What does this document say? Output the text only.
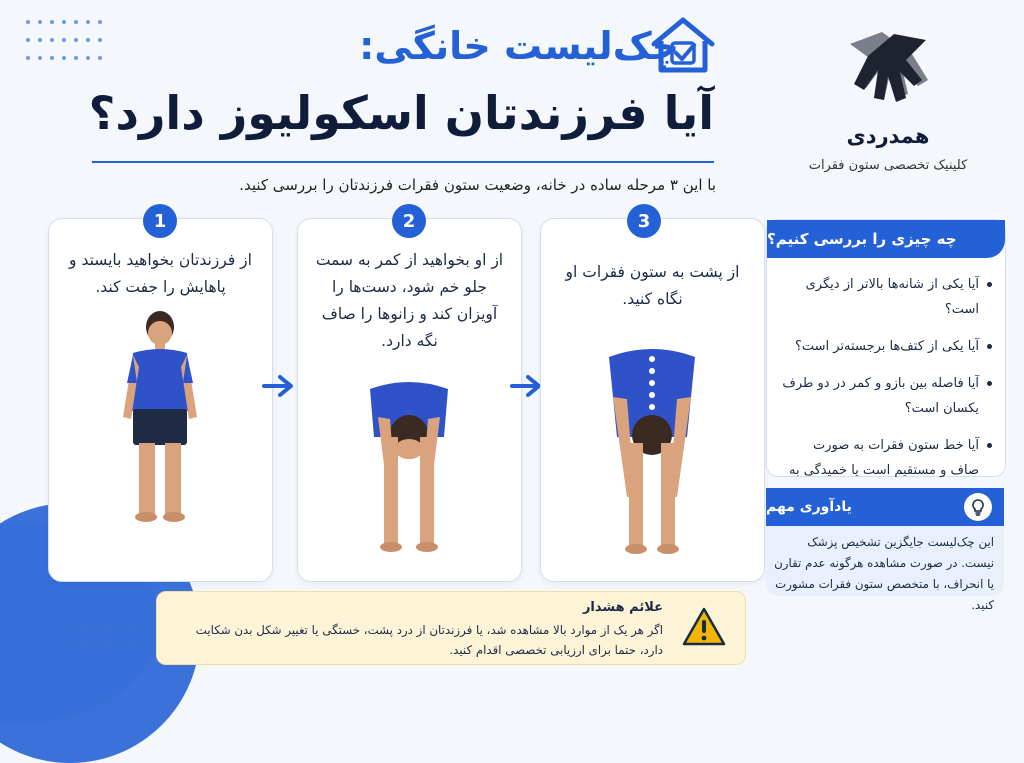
چک‌لیست خانگی:
آیا فرزندتان اسکولیوز دارد؟
با این ۳ مرحله ساده در خانه، وضعیت ستون فقرات فرزندتان را بررسی کنید.
از فرزندتان بخواهید بایستد و پاهایش را جفت کند.
1
از او بخواهید از کمر به سمت جلو خم شود، دست‌ها را آویزان کند و زانوها را صاف نگه دارد.
2
از پشت به ستون فقرات او نگاه کنید.
3
همدردی
کلینیک تخصصی ستون فقرات
چه چیزی را بررسی کنیم؟
آیا یکی از شانه‌ها بالاتر از دیگری است؟
آیا یکی از کتف‌ها برجسته‌تر است؟
آیا فاصله بین بازو و کمر در دو طرف یکسان است؟
آیا خط ستون فقرات به صورت صاف و مستقیم است یا خمیدگی به
یادآوری مهم
این چک‌لیست جایگزین تشخیص پزشک نیست. در صورت مشاهده هرگونه عدم تقارن یا انحراف، با متخصص ستون فقرات مشورت کنید.
علائم هشدار
اگر هر یک از موارد بالا مشاهده شد، یا فرزندتان از درد پشت، خستگی یا تغییر شکل بدن شکایت دارد، حتما برای ارزیابی تخصصی اقدام کنید.
